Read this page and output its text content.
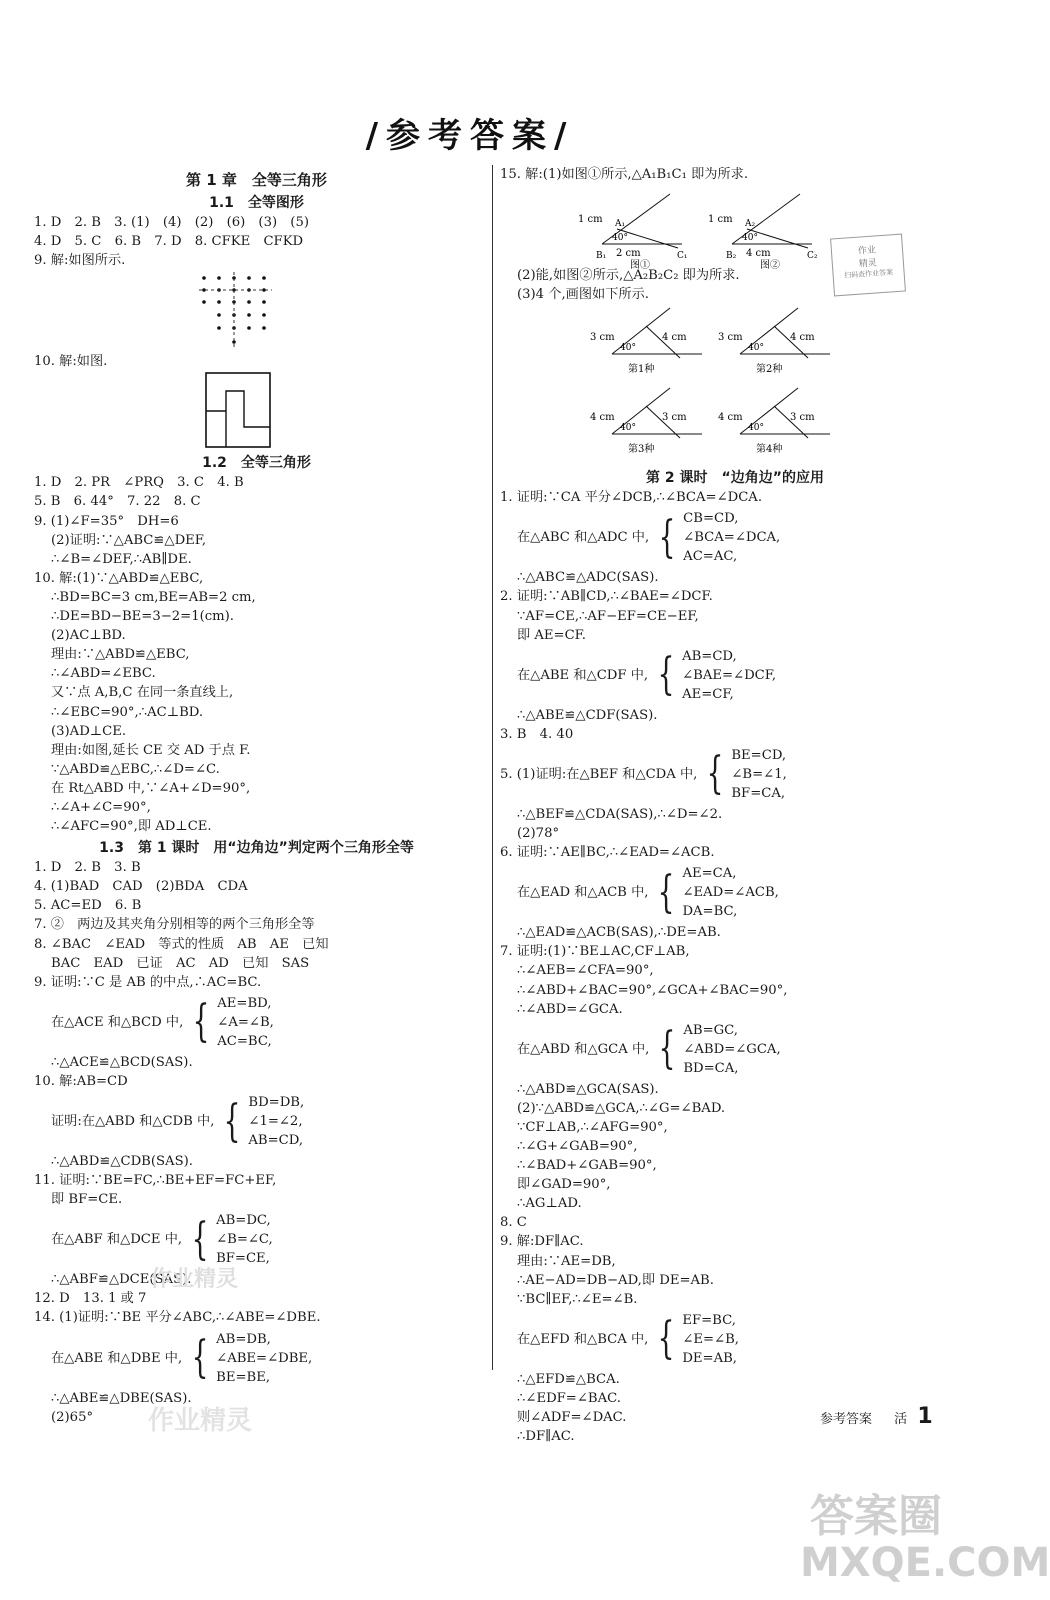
/参考答案/
第 1 章　全等三角形
1.1　全等图形
1. D　2. B　3. (1)　(4)　(2)　(6)　(3)　(5)
4. D　5. C　6. B　7. D　8. CFKE　CFKD
9. 解:如图所示.
10. 解:如图.
1.2　全等三角形
1. D　2. PR　∠PRQ　3. C　4. B
5. B　6. 44°　7. 22　8. C
9. (1)∠F=35°　DH=6
(2)证明:∵△ABC≌△DEF,
∴∠B=∠DEF,∴AB∥DE.
10. 解:(1)∵△ABD≌△EBC,
∴BD=BC=3 cm,BE=AB=2 cm,
∴DE=BD−BE=3−2=1(cm).
(2)AC⊥BD.
理由:∵△ABD≌△EBC,
∴∠ABD=∠EBC.
又∵点 A,B,C 在同一条直线上,
∴∠EBC=90°,∴AC⊥BD.
(3)AD⊥CE.
理由:如图,延长 CE 交 AD 于点 F.
∵△ABD≌△EBC,∴∠D=∠C.
在 Rt△ABD 中,∵∠A+∠D=90°,
∴∠A+∠C=90°,
∴∠AFC=90°,即 AD⊥CE.
1.3　第 1 课时　用“边角边”判定两个三角形全等
1. D　2. B　3. B
4. (1)BAD　CAD　(2)BDA　CDA
5. AC=ED　6. B
7. ②　两边及其夹角分别相等的两个三角形全等
8. ∠BAC　∠EAD　等式的性质　AB　AE　已知
BAC　EAD　已证　AC　AD　已知　SAS
9. 证明:∵C 是 AB 的中点,∴AC=BC.
在△ACE 和△BCD 中, { AE=BD,
∠A=∠B,
AC=BC,
∴△ACE≌△BCD(SAS).
10. 解:AB=CD
证明:在△ABD 和△CDB 中, { BD=DB,
∠1=∠2,
AB=CD,
∴△ABD≌△CDB(SAS).
11. 证明:∵BE=FC,∴BE+EF=FC+EF,
即 BF=CE.
在△ABF 和△DCE 中, { AB=DC,
∠B=∠C,
BF=CE,
∴△ABF≌△DCE(SAS).
12. D　13. 1 或 7
14. (1)证明:∵BE 平分∠ABC,∴∠ABE=∠DBE.
在△ABE 和△DBE 中, { AB=DB,
∠ABE=∠DBE,
BE=BE,
∴△ABE≌△DBE(SAS).
(2)65°
15. 解:(1)如图①所示,△A₁B₁C₁ 即为所求.
1 cm
2 cm
40°
B₁	C₁
A₁
图①
1 cm
4 cm
40°
B₂	C₂
A₂
图②
(2)能,如图②所示,△A₂B₂C₂ 即为所求.
(3)4 个,画图如下所示.
3 cm	4 cm
40°
第1种
3 cm	4 cm
40°
第2种
4 cm	3 cm
40°
第3种
4 cm	3 cm
40°
第4种
第 2 课时　“边角边”的应用
1. 证明:∵CA 平分∠DCB,∴∠BCA=∠DCA.
在△ABC 和△ADC 中, { CB=CD,
∠BCA=∠DCA,
AC=AC,
∴△ABC≌△ADC(SAS).
2. 证明:∵AB∥CD,∴∠BAE=∠DCF.
∵AF=CE,∴AF−EF=CE−EF,
即 AE=CF.
在△ABE 和△CDF 中, { AB=CD,
∠BAE=∠DCF,
AE=CF,
∴△ABE≌△CDF(SAS).
3. B　4. 40
5. (1)证明:在△BEF 和△CDA 中, { BE=CD,
∠B=∠1,
BF=CA,
∴△BEF≌△CDA(SAS),∴∠D=∠2.
(2)78°
6. 证明:∵AE∥BC,∴∠EAD=∠ACB.
在△EAD 和△ACB 中, { AE=CA,
∠EAD=∠ACB,
DA=BC,
∴△EAD≌△ACB(SAS),∴DE=AB.
7. 证明:(1)∵BE⊥AC,CF⊥AB,
∴∠AEB=∠CFA=90°,
∴∠ABD+∠BAC=90°,∠GCA+∠BAC=90°,
∴∠ABD=∠GCA.
在△ABD 和△GCA 中, { AB=GC,
∠ABD=∠GCA,
BD=CA,
∴△ABD≌△GCA(SAS).
(2)∵△ABD≌△GCA,∴∠G=∠BAD.
∵CF⊥AB,∴∠AFG=90°,
∴∠G+∠GAB=90°,
∴∠BAD+∠GAB=90°,
即∠GAD=90°,
∴AG⊥AD.
8. C
9. 解:DF∥AC.
理由:∵AE=DB,
∴AE−AD=DB−AD,即 DE=AB.
∵BC∥EF,∴∠E=∠B.
在△EFD 和△BCA 中, { EF=BC,
∠E=∠B,
DE=AB,
∴△EFD≌△BCA.
∴∠EDF=∠BAC.
则∠ADF=∠DAC.
∴DF∥AC.
作业
精灵
扫码查作业答案
作业精灵
作业精灵
答案圈
MXQE.COM
参考答案 活 1
